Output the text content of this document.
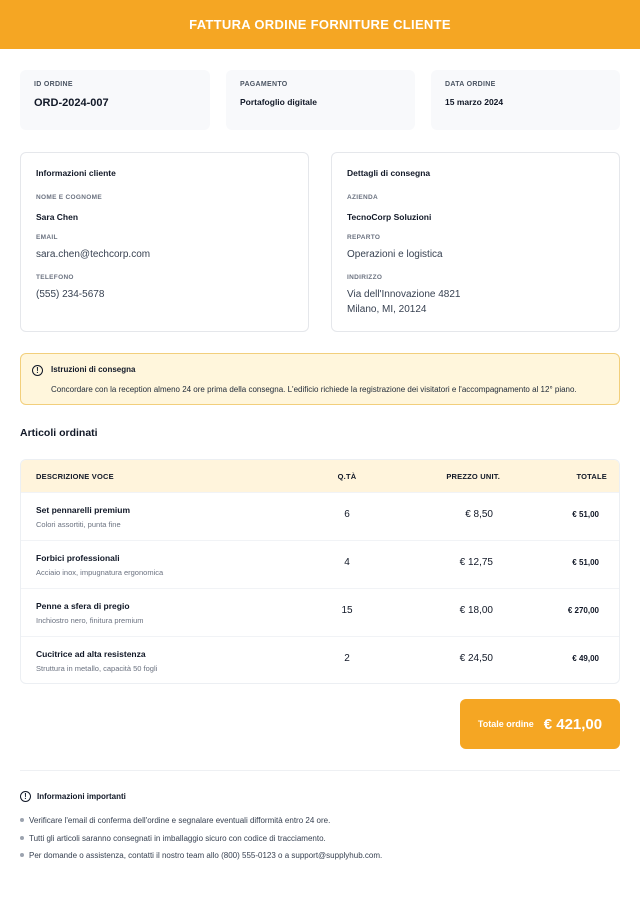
FATTURA ORDINE FORNITURE CLIENTE
ID ORDINE
ORD-2024-007
PAGAMENTO
Portafoglio digitale
DATA ORDINE
15 marzo 2024
Informazioni cliente
NOME E COGNOME
Sara Chen
EMAIL
sara.chen@techcorp.com
TELEFONO
(555) 234-5678
Dettagli di consegna
AZIENDA
TecnoCorp Soluzioni
REPARTO
Operazioni e logistica
INDIRIZZO
Via dell'Innovazione 4821
Milano, MI, 20124
!	Istruzioni di consegna
Concordare con la reception almeno 24 ore prima della consegna. L'edificio richiede la registrazione dei visitatori e l'accompagnamento al 12° piano.
Articoli ordinati
DESCRIZIONE VOCE	Q.TÀ	PREZZO UNIT.	TOTALE
Set pennarelli premium
Colori assortiti, punta fine
6	€ 8,50	€ 51,00
Forbici professionali
Acciaio inox, impugnatura ergonomica
4	€ 12,75	€ 51,00
Penne a sfera di pregio
Inchiostro nero, finitura premium
15	€ 18,00	€ 270,00
Cucitrice ad alta resistenza
Struttura in metallo, capacità 50 fogli
2	€ 24,50	€ 49,00
Totale ordine € 421,00
!	Informazioni importanti
Verificare l'email di conferma dell'ordine e segnalare eventuali difformità entro 24 ore.
Tutti gli articoli saranno consegnati in imballaggio sicuro con codice di tracciamento.
Per domande o assistenza, contatti il nostro team allo (800) 555-0123 o a support@supplyhub.com.
